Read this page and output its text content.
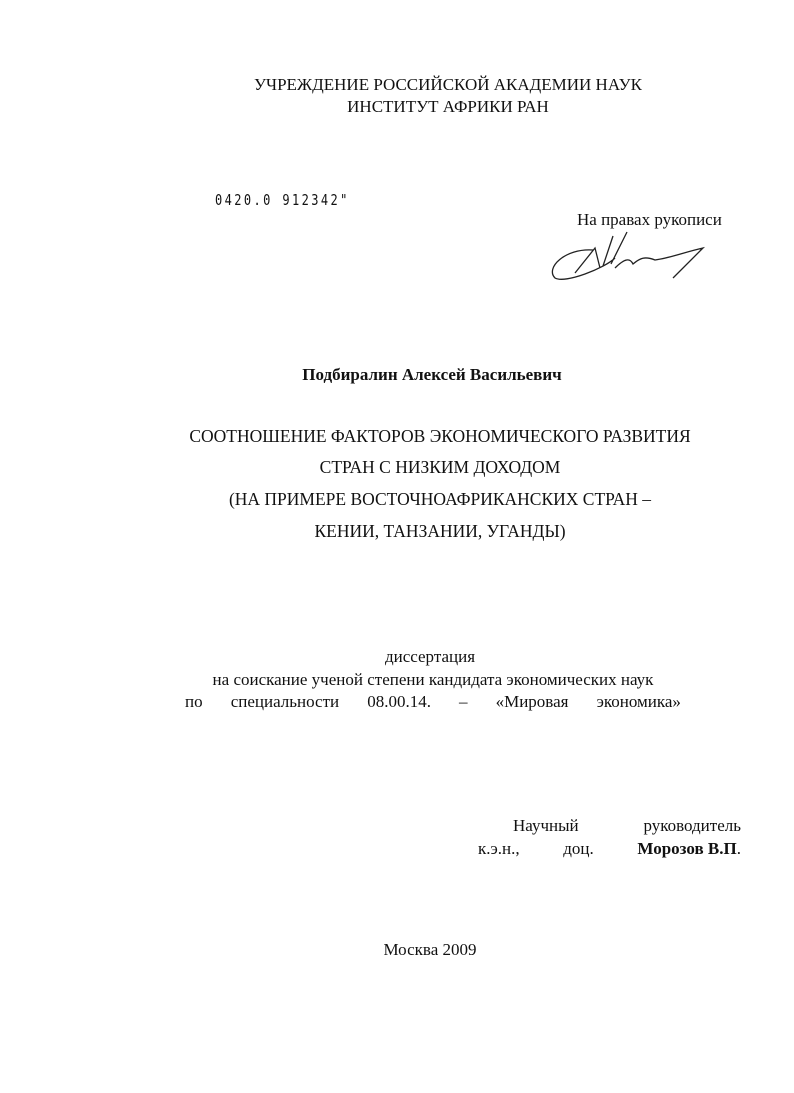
УЧРЕЖДЕНИЕ РОССИЙСКОЙ АКАДЕМИИ НАУК
ИНСТИТУТ АФРИКИ РАН
0420.0 912342"
На правах рукописи
Подбиралин Алексей Васильевич
СООТНОШЕНИЕ ФАКТОРОВ ЭКОНОМИЧЕСКОГО РАЗВИТИЯ
СТРАН С НИЗКИМ ДОХОДОМ
(НА ПРИМЕРЕ ВОСТОЧНОАФРИКАНСКИХ СТРАН –
КЕНИИ, ТАНЗАНИИ, УГАНДЫ)
диссертация
на соискание ученой степени кандидата экономических наук
по специальности 08.00.14. – «Мировая экономика»
Научный	руководитель
к.э.н.,	доц.	Морозов В.П.
Москва 2009
